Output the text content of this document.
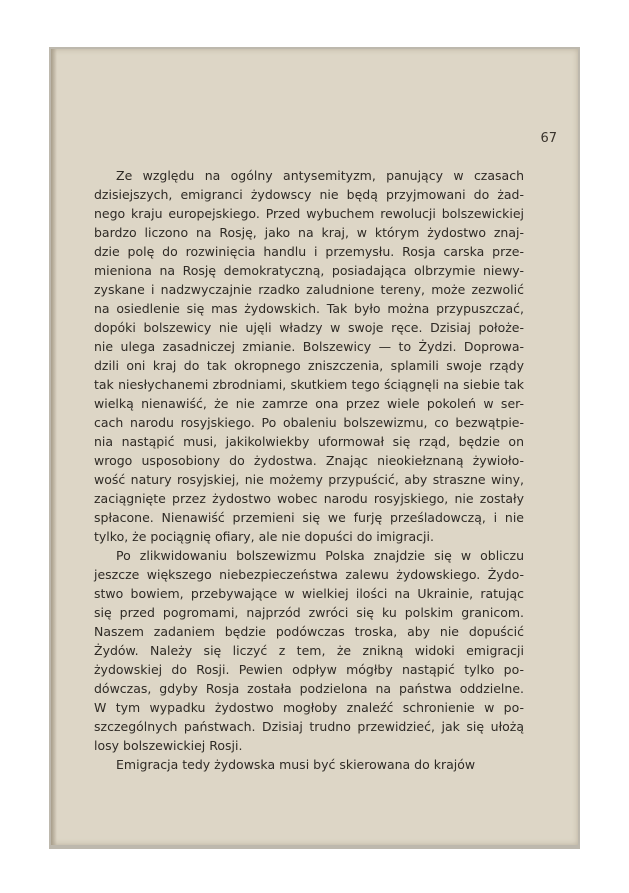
67
Ze względu na ogólny antysemityzm, panujący w czasach
dzisiejszych, emigranci żydowscy nie będą przyjmowani do żad-
nego kraju europejskiego. Przed wybuchem rewolucji bolszewickiej
bardzo liczono na Rosję, jako na kraj, w którym żydostwo znaj-
dzie polę do rozwinięcia handlu i przemysłu. Rosja carska prze-
mieniona na Rosję demokratyczną, posiadająca olbrzymie niewy-
zyskane i nadzwyczajnie rzadko zaludnione tereny, może zezwolić
na osiedlenie się mas żydowskich. Tak było można przypuszczać,
dopóki bolszewicy nie ujęli władzy w swoje ręce. Dzisiaj położe-
nie ulega zasadniczej zmianie. Bolszewicy — to Żydzi. Doprowa-
dzili oni kraj do tak okropnego zniszczenia, splamili swoje rządy
tak niesłychanemi zbrodniami, skutkiem tego ściągnęli na siebie tak
wielką nienawiść, że nie zamrze ona przez wiele pokoleń w ser-
cach narodu rosyjskiego. Po obaleniu bolszewizmu, co bezwątpie-
nia nastąpić musi, jakikolwiekby uformował się rząd, będzie on
wrogo usposobiony do żydostwa. Znając nieokiełznaną żywioło-
wość natury rosyjskiej, nie możemy przypuścić, aby straszne winy,
zaciągnięte przez żydostwo wobec narodu rosyjskiego, nie zostały
spłacone. Nienawiść przemieni się we furję prześladowczą, i nie
tylko, że pociągnię ofiary, ale nie dopuści do imigracji.
Po zlikwidowaniu bolszewizmu Polska znajdzie się w obliczu
jeszcze większego niebezpieczeństwa zalewu żydowskiego. Żydo-
stwo bowiem, przebywające w wielkiej ilości na Ukrainie, ratując
się przed pogromami, najprzód zwróci się ku polskim granicom.
Naszem zadaniem będzie podówczas troska, aby nie dopuścić
Żydów. Należy się liczyć z tem, że znikną widoki emigracji
żydowskiej do Rosji. Pewien odpływ mógłby nastąpić tylko po-
dówczas, gdyby Rosja została podzielona na państwa oddzielne.
W tym wypadku żydostwo mogłoby znaleźć schronienie w po-
szczególnych państwach. Dzisiaj trudno przewidzieć, jak się ułożą
losy bolszewickiej Rosji.
Emigracja tedy żydowska musi być skierowana do krajów
